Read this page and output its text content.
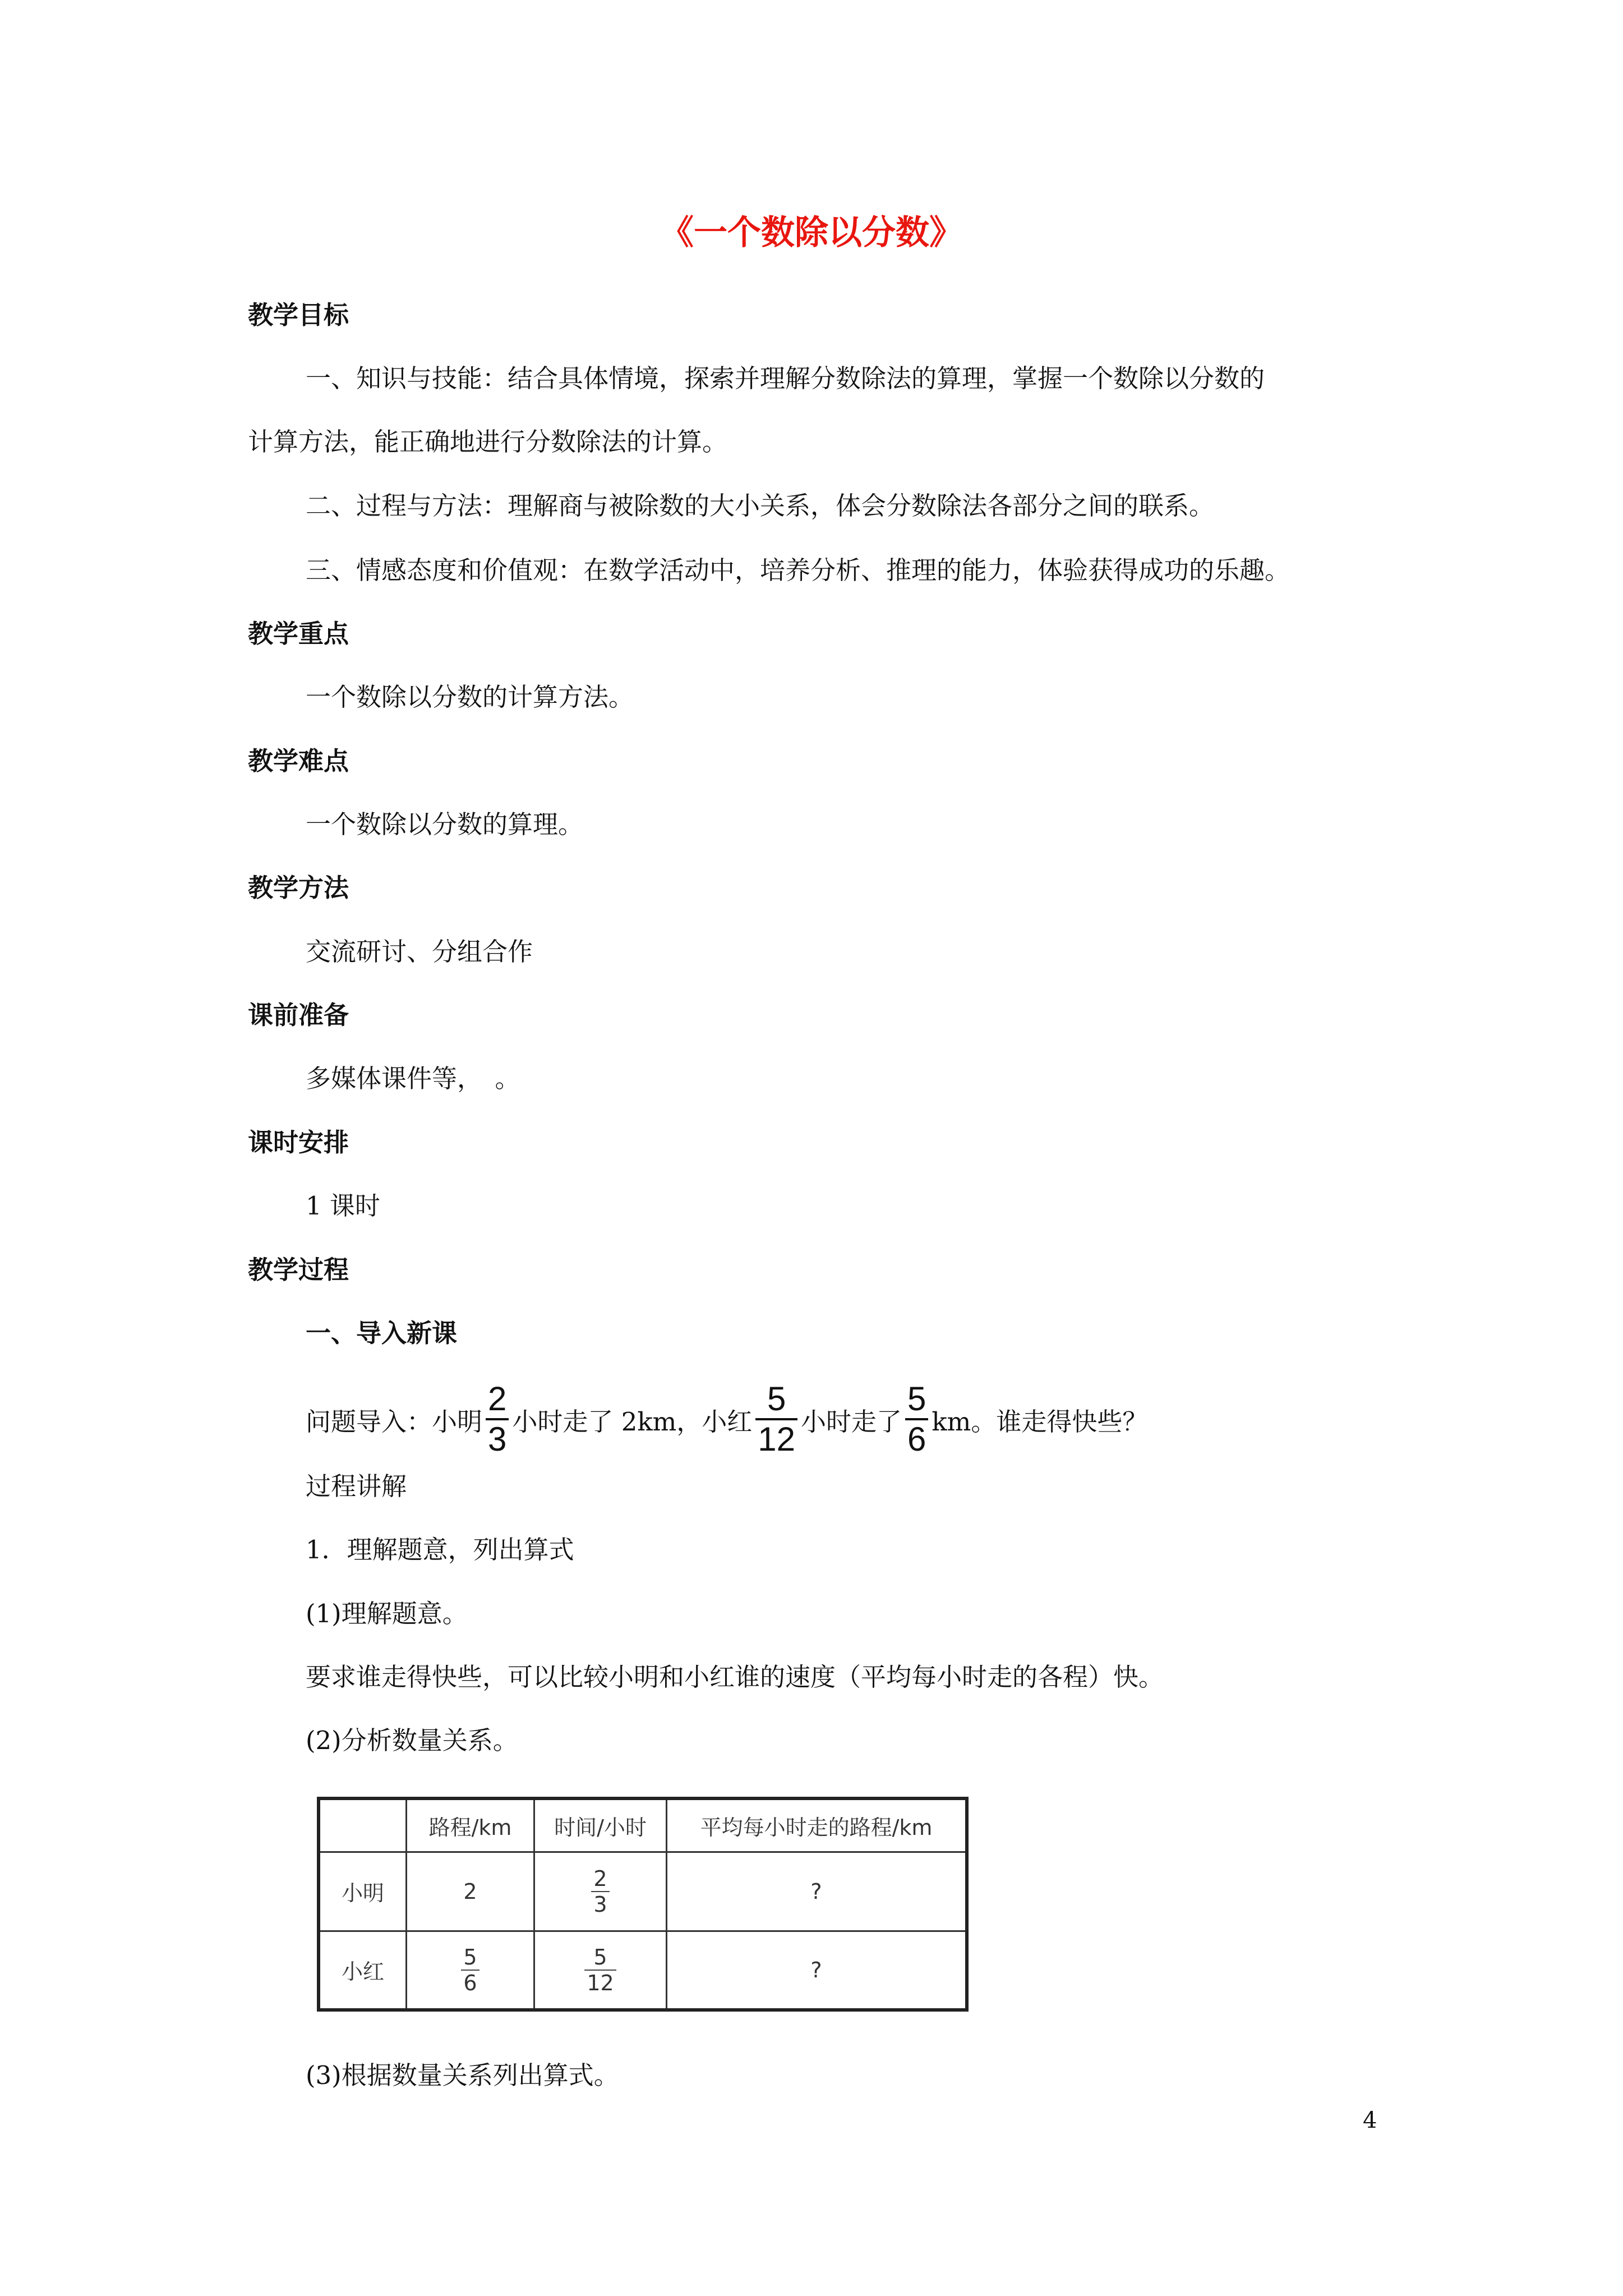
《一个数除以分数》
教学目标
一、知识与技能：结合具体情境，探索并理解分数除法的算理，掌握一个数除以分数的
计算方法，能正确地进行分数除法的计算。
二、过程与方法：理解商与被除数的大小关系，体会分数除法各部分之间的联系。
三、情感态度和价值观：在数学活动中，培养分析、推理的能力，体验获得成功的乐趣。
教学重点
一个数除以分数的计算方法。
教学难点
一个数除以分数的算理。
教学方法
交流研讨、分组合作
课前准备
多媒体课件等，　。
课时安排
1 课时
教学过程
一、导入新课
问题导入：小明 $\frac{2}{3}$ 小时走了 2km，小红 $\frac{5}{12}$ 小时走了 $\frac{5}{6}$ km。谁走得快些？
过程讲解
1．理解题意，列出算式
(1)理解题意。
要求谁走得快些，可以比较小明和小红谁的速度（平均每小时走的各程）快。
(2)分析数量关系。
	路程/km	时间/小时	平均每小时走的路程/km
小明	2	$\frac{2}{3}$	?
小红	$\frac{5}{6}$	$\frac{5}{12}$	?
(3)根据数量关系列出算式。
4
